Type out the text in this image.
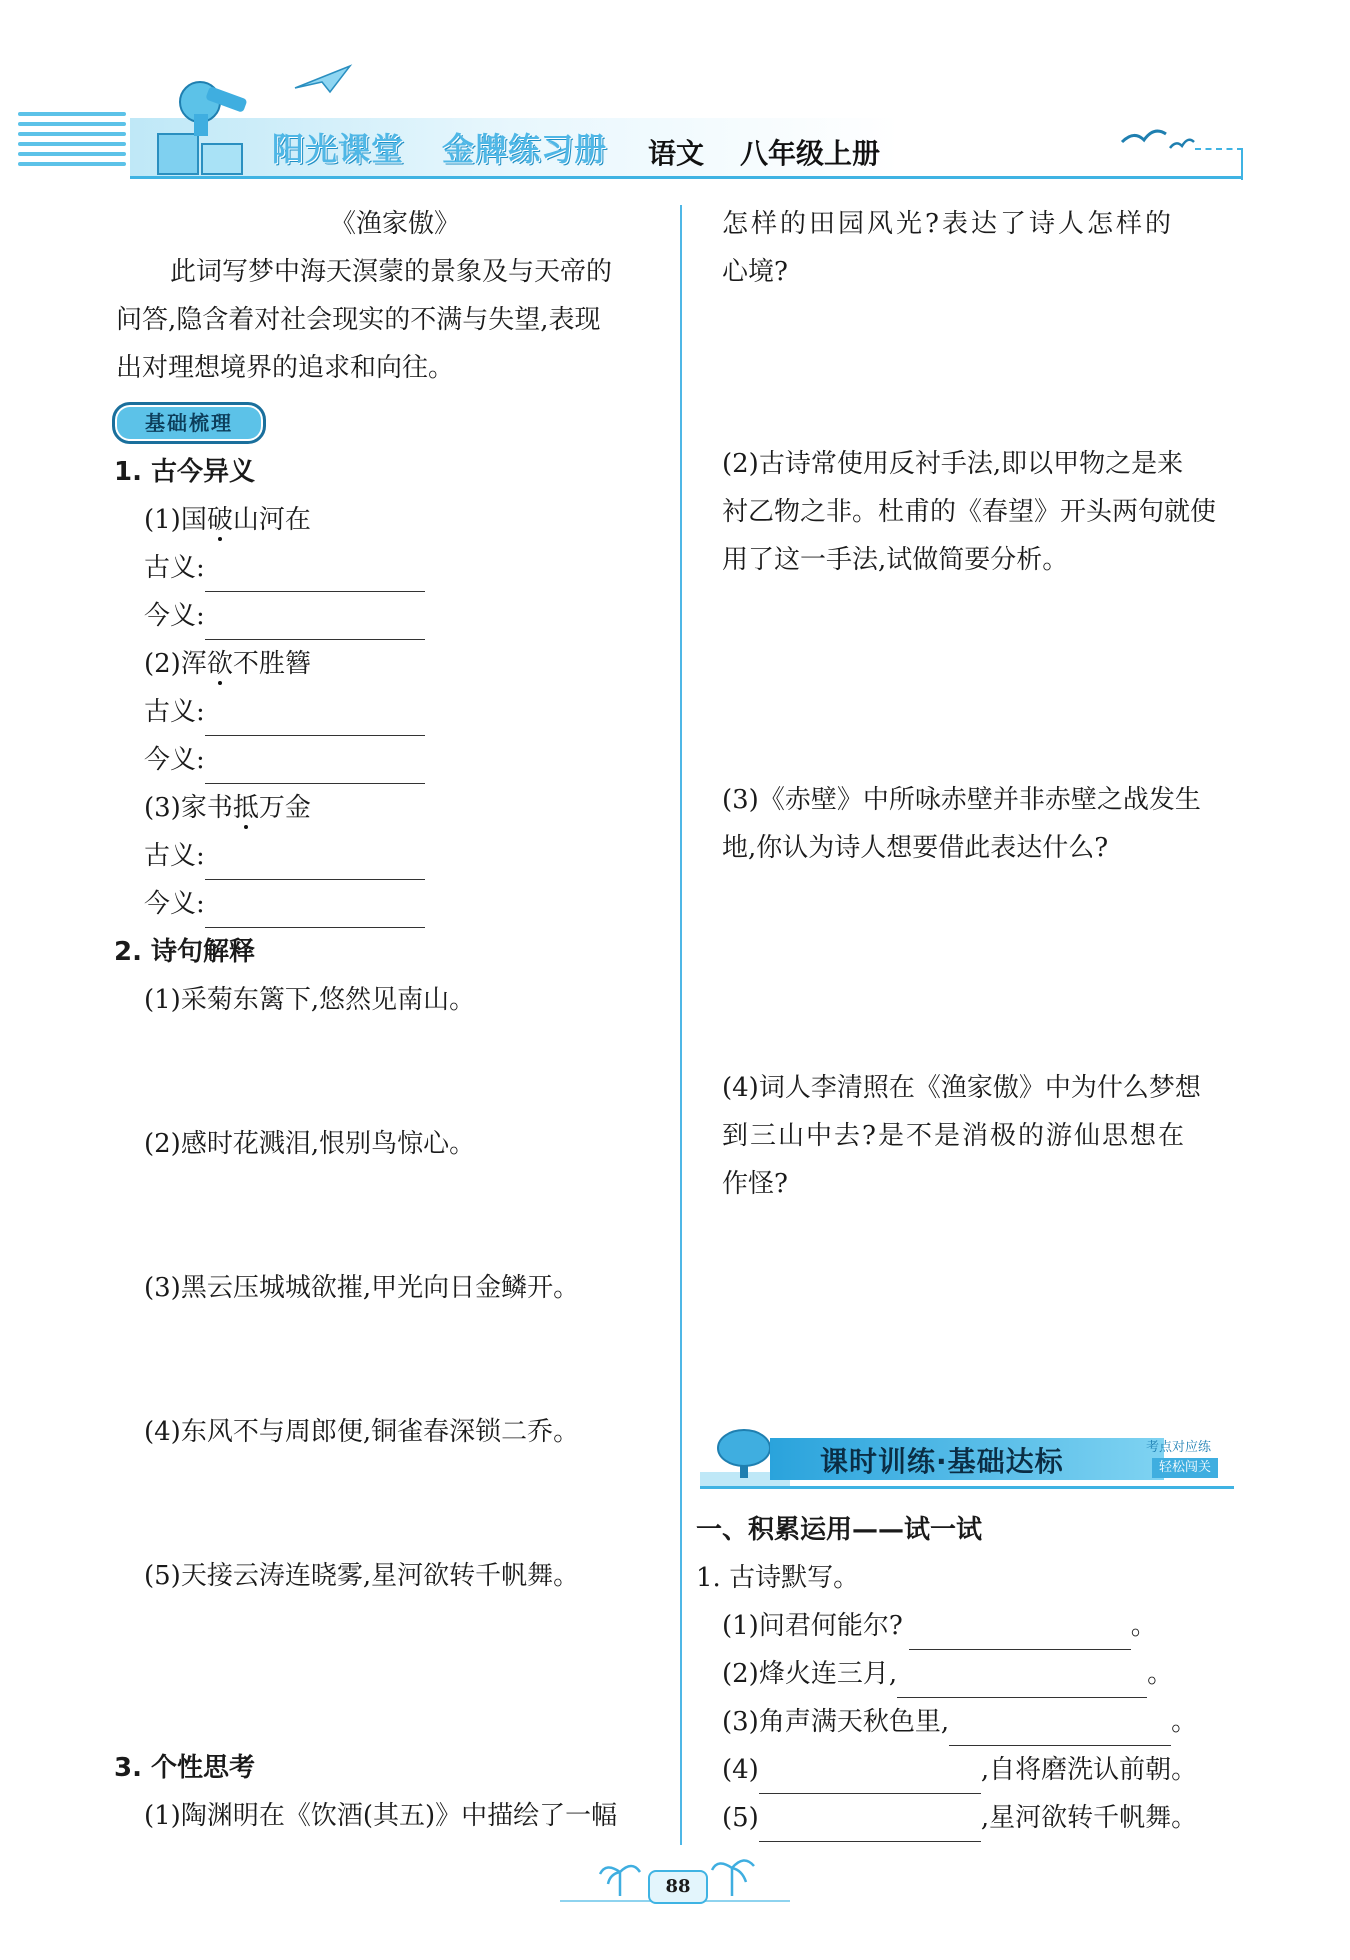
阳光课堂 金牌练习册 语文 八年级上册
《渔家傲》
此词写梦中海天溟蒙的景象及与天帝的
问答,隐含着对社会现实的不满与失望,表现
出对理想境界的追求和向往。
基础梳理
1. 古今异义
(1)国破山河在
古义:
今义:
(2)浑欲不胜簪
古义:
今义:
(3)家书抵万金
古义:
今义:
2. 诗句解释
(1)采菊东篱下,悠然见南山。
(2)感时花溅泪,恨别鸟惊心。
(3)黑云压城城欲摧,甲光向日金鳞开。
(4)东风不与周郎便,铜雀春深锁二乔。
(5)天接云涛连晓雾,星河欲转千帆舞。
3. 个性思考
(1)陶渊明在《饮酒(其五)》中描绘了一幅
怎样的田园风光?表达了诗人怎样的
心境?
(2)古诗常使用反衬手法,即以甲物之是来
衬乙物之非。杜甫的《春望》开头两句就使
用了这一手法,试做简要分析。
(3)《赤壁》中所咏赤壁并非赤壁之战发生
地,你认为诗人想要借此表达什么?
(4)词人李清照在《渔家傲》中为什么梦想
到三山中去?是不是消极的游仙思想在
作怪?
课时训练·基础达标	考点对应练
轻松闯关
一、积累运用——试一试
1. 古诗默写。
(1)问君何能尔?	。
(2)烽火连三月,	。
(3)角声满天秋色里,	。
(4)	,自将磨洗认前朝。
(5)	,星河欲转千帆舞。
88
